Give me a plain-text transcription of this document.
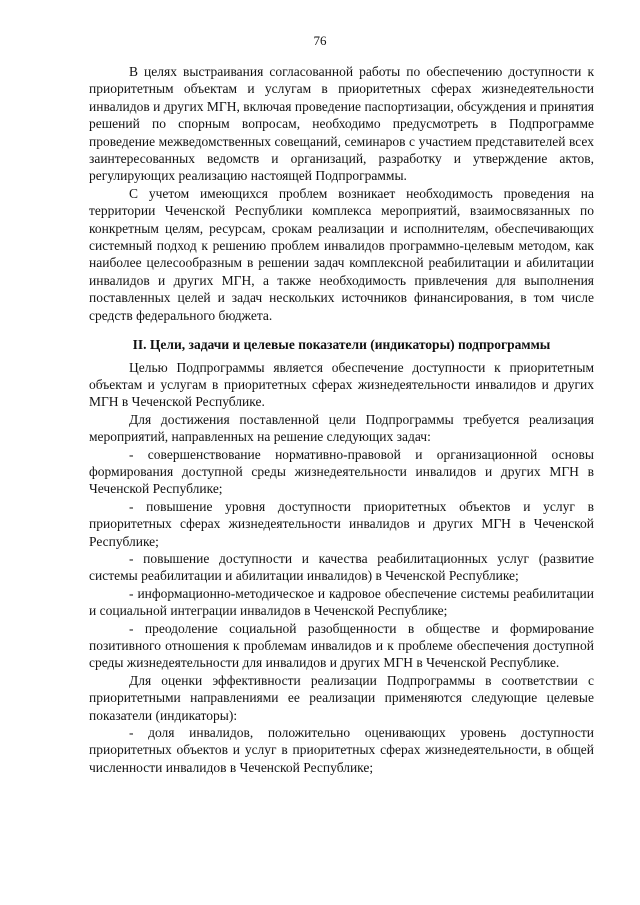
76

В целях выстраивания согласованной работы по обеспечению доступности к приоритетным объектам и услугам в приоритетных сферах жизнедеятельности инвалидов и других МГН, включая проведение паспортизации, обсуждения и принятия решений по спорным вопросам, необходимо предусмотреть в Подпрограмме проведение межведомственных совещаний, семинаров с участием представителей всех заинтересованных ведомств и организаций, разработку и утверждение актов, регулирующих реализацию настоящей Подпрограммы.

С учетом имеющихся проблем возникает необходимость проведения на территории Чеченской Республики комплекса мероприятий, взаимосвязанных по конкретным целям, ресурсам, срокам реализации и исполнителям, обеспечивающих системный подход к решению проблем инвалидов программно-целевым методом, как наиболее целесообразным в решении задач комплексной реабилитации и абилитации инвалидов и других МГН, а также необходимость привлечения для выполнения поставленных целей и задач нескольких источников финансирования, в том числе средств федерального бюджета.

II. Цели, задачи и целевые показатели (индикаторы) подпрограммы

Целью Подпрограммы является обеспечение доступности к приоритетным объектам и услугам в приоритетных сферах жизнедеятельности инвалидов и других МГН в Чеченской Республике.

Для достижения поставленной цели Подпрограммы требуется реализация мероприятий, направленных на решение следующих задач:

- совершенствование нормативно-правовой и организационной основы формирования доступной среды жизнедеятельности инвалидов и других МГН в Чеченской Республике;

- повышение уровня доступности приоритетных объектов и услуг в приоритетных сферах жизнедеятельности инвалидов и других МГН в Чеченской Республике;

- повышение доступности и качества реабилитационных услуг (развитие системы реабилитации и абилитации инвалидов) в Чеченской Республике;

- информационно-методическое и кадровое обеспечение системы реабилитации и социальной интеграции инвалидов в Чеченской Республике;

- преодоление социальной разобщенности в обществе и формирование позитивного отношения к проблемам инвалидов и к проблеме обеспечения доступной среды жизнедеятельности для инвалидов и других МГН в Чеченской Республике.

Для оценки эффективности реализации Подпрограммы в соответствии с приоритетными направлениями ее реализации применяются следующие целевые показатели (индикаторы):

- доля инвалидов, положительно оценивающих уровень доступности приоритетных объектов и услуг в приоритетных сферах жизнедеятельности, в общей численности инвалидов в Чеченской Республике;
